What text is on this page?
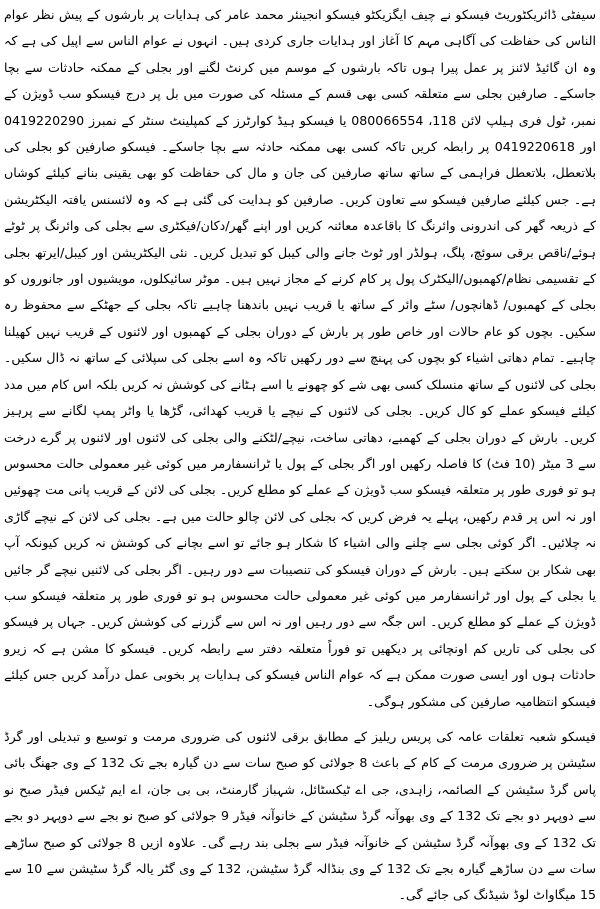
سیفٹی ڈائریکٹوریٹ فیسکو نے چیف ایگزیکٹو فیسکو انجینئر محمد عامر کی ہدایات پر بارشوں کے پیش نظر عوام الناس کی حفاظت کی آگاہی مہم کا آغاز اور ہدایات جاری کردی ہیں۔ انہوں نے عوام الناس سے اپیل کی ہے کہ وہ ان گائیڈ لائنز پر عمل پیرا ہوں تاکہ بارشوں کے موسم میں کرنٹ لگنے اور بجلی کے ممکنہ حادثات سے بچا جاسکے۔ صارفین بجلی سے متعلقہ کسی بھی قسم کے مسئلہ کی صورت میں بل پر درج فیسکو سب ڈویژن کے نمبر، ٹول فری ہیلپ لائن 118، 080066554 یا فیسکو ہیڈ کوارٹرز کے کمپلینٹ سنٹر کے نمبرز 0419220290 اور 0419220618 پر رابطہ کریں تاکہ کسی بھی ممکنہ حادثہ سے بچا جاسکے۔ فیسکو صارفین کو بجلی کی بلاتعطل، بلاتعطل فراہمی کے ساتھ ساتھ صارفین کی جان و مال کی حفاظت کو بھی یقینی بنانے کیلئے کوشاں ہے۔ جس کیلئے صارفین فیسکو سے تعاون کریں۔ صارفین کو ہدایت کی گئی ہے کہ وہ لائسنس یافتہ الیکٹریشن کے ذریعہ گھر کی اندرونی وائرنگ کا باقاعدہ معائنہ کریں اور اپنے گھر/دکان/فیکٹری سے بجلی کی وائرنگ پر ٹوٹے ہوئے/ناقص برقی سوئچ، پلگ، ہولڈر اور ٹوٹ جانے والی کیبل کو تبدیل کریں۔ نئی الیکٹریشن اور کیبل/ایرتھ بجلی کے تقسیمی نظام/کھمبوں/الیکٹرک پول پر کام کرنے کے مجاز نہیں ہیں۔ موٹر سائیکلوں، مویشیوں اور جانوروں کو بجلی کے کھمبوں/ ڈھانچوں/ سٹے وائر کے ساتھ یا قریب نہیں باندھنا چاہیے تاکہ بجلی کے جھٹکے سے محفوظ رہ سکیں۔ بچوں کو عام حالات اور خاص طور پر بارش کے دوران بجلی کے کھمبوں اور لائنوں کے قریب نہیں کھیلنا چاہیے۔ تمام دھاتی اشیاء کو بچوں کی پہنچ سے دور رکھیں تاکہ وہ اسے بجلی کی سپلائی کے ساتھ نہ ڈال سکیں۔ بجلی کی لائنوں کے ساتھ منسلک کسی بھی شے کو چھونے یا اسے ہٹانے کی کوشش نہ کریں بلکہ اس کام میں مدد کیلئے فیسکو عملے کو کال کریں۔ بجلی کی لائنوں کے نیچے یا قریب کھدائی، گڑھا یا واٹر پمپ لگانے سے پرہیز کریں۔ بارش کے دوران بجلی کے کھمبے، دھاتی ساخت، نیچے/لٹکنے والی بجلی کی لائنوں اور لائنوں پر گرے درخت سے 3 میٹر (10 فٹ) کا فاصلہ رکھیں اور اگر بجلی کے پول یا ٹرانسفارمر میں کوئی غیر معمولی حالت محسوس ہو تو فوری طور پر متعلقہ فیسکو سب ڈویژن کے عملے کو مطلع کریں۔ بجلی کی لائن کے قریب پانی مت چھوئیں اور نہ اس پر قدم رکھیں، پہلے یہ فرض کریں کہ بجلی کی لائن چالو حالت میں ہے۔ بجلی کی لائن کے نیچے گاڑی نہ چلائیں۔ اگر کوئی بجلی سے چلنے والی اشیاء کا شکار ہو جائے تو اسے بچانے کی کوشش نہ کریں کیونکہ آپ بھی شکار بن سکتے ہیں۔ بارش کے دوران فیسکو کی تنصیبات سے دور رہیں۔ اگر بجلی کی لائنیں نیچے گر جائیں یا بجلی کے پول اور ٹرانسفارمر میں کوئی غیر معمولی حالت محسوس ہو تو فوری طور پر متعلقہ فیسکو سب ڈویژن کے عملے کو مطلع کریں۔ اس جگہ سے دور رہیں اور نہ اس سے گزرنے کی کوشش کریں۔ جہاں پر فیسکو کی بجلی کی تاریں کم اونچائی پر دیکھیں تو فوراً متعلقہ دفتر سے رابطہ کریں۔ فیسکو کا مشن ہے کہ زیرو حادثات ہوں اور ایسی صورت ممکن ہے کہ عوام الناس فیسکو کی ہدایات پر بخوبی عمل درآمد کریں جس کیلئے فیسکو انتظامیہ صارفین کی مشکور ہوگی۔

فیسکو شعبہ تعلقات عامہ کی پریس ریلیز کے مطابق برقی لائنوں کی ضروری مرمت و توسیع و تبدیلی اور گرڈ سٹیشن پر ضروری مرمت کے کام کے باعث 8 جولائی کو صبح سات سے دن گیارہ بجے تک 132 کے وی جھنگ بائی پاس گرڈ سٹیشن کے الصائمہ، زاہدی، جی اے ٹیکسٹائل، شہباز گارمنٹ، بی بی جان، اے ایم ٹیکس فیڈر صبح نو سے دوپہر دو بجے تک 132 کے وی بھوآنہ گرڈ سٹیشن کے خانوآنہ فیڈر 9 جولائی کو صبح نو بجے سے دوپہر دو بجے تک 132 کے وی بھوآنہ گرڈ سٹیشن کے خانوآنہ فیڈر سے بجلی بند رہے گی۔ علاوہ ازیں 8 جولائی کو صبح ساڑھے سات سے دن ساڑھے گیارہ بجے تک 132 کے وی بنڈالہ گرڈ سٹیشن، 132 کے وی گٹر یالہ گرڈ سٹیشن سے 10 سے 15 میگاواٹ لوڈ شیڈنگ کی جائے گی۔
